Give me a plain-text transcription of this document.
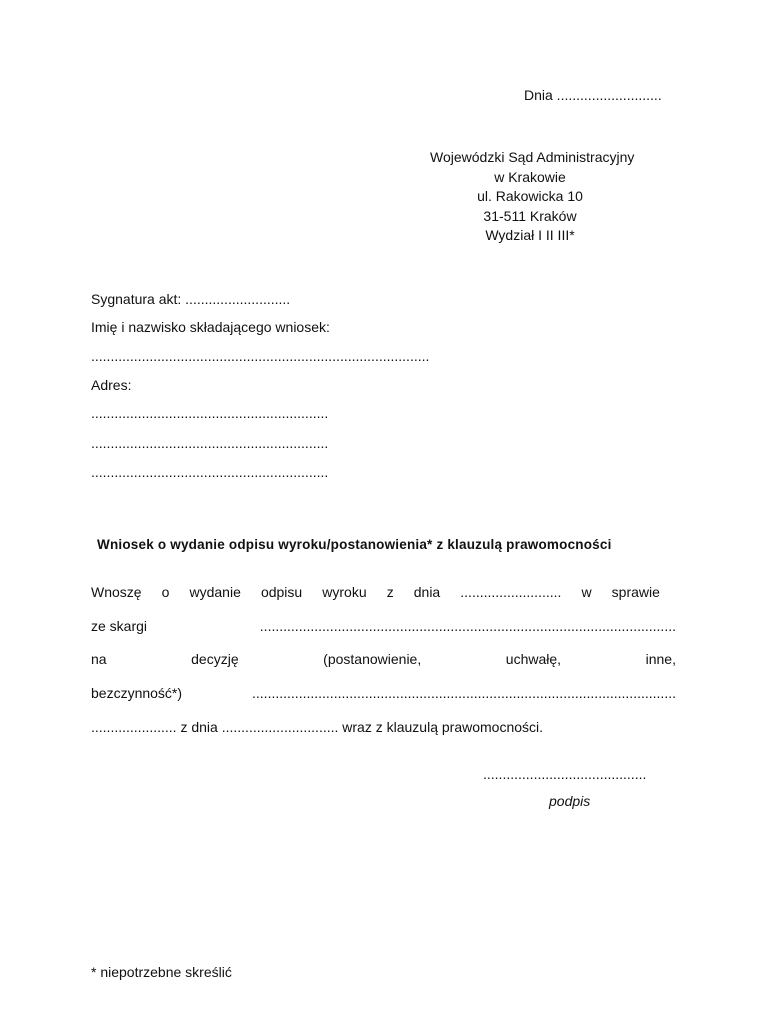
Dnia ...........................
Wojewódzki Sąd Administracyjny
w Krakowie
ul. Rakowicka 10
31-511 Kraków
Wydział I II III*
Sygnatura akt: ...........................
Imię i nazwisko składającego wniosek:
.......................................................................................
Adres:
.............................................................
.............................................................
.............................................................
Wniosek o wydanie odpisu wyroku/postanowienia* z klauzulą prawomocności
Wnoszę o wydanie odpisu wyroku z dnia .......................... w sprawie
ze skargi	...........................................................................................................
na	decyzję	(postanowienie,	uchwałę,	inne,
bezczynność*)	.............................................................................................................
...................... z dnia .............................. wraz z klauzulą prawomocności.
..........................................
podpis
* niepotrzebne skreślić
